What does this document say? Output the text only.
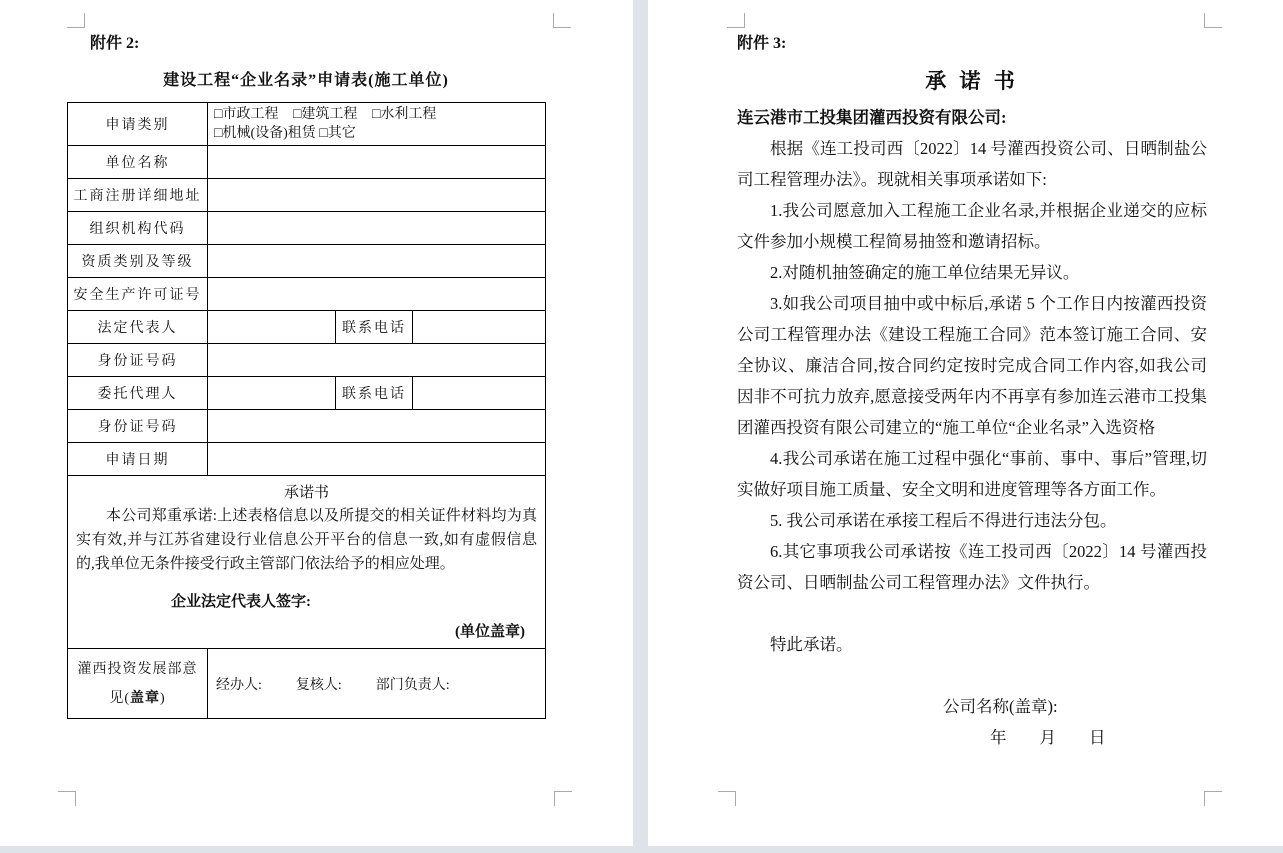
附件 2:
建设工程“企业名录”申请表(施工单位)
申请类别	□市政工程 □建筑工程 □水利工程
□机械(设备)租赁 □其它		

单位名称			
工商注册详细地址			
组织机构代码			
资质类别及等级			
安全生产许可证号			
法定代表人		联系电话	
身份证号码			
委托代理人		联系电话	
身份证号码			
申请日期			

承诺书
本公司郑重承诺:上述表格信息以及所提交的相关证件材料均为真实有效,并与江苏省建设行业信息公开平台的信息一致,如有虚假信息的,我单位无条件接受行政主管部门依法给予的相应处理。
企业法定代表人签字:
(单位盖章)			

灌西投资发展部意
见(盖章)

经办人: 复核人: 部门负责人:
附件 3:
承 诺 书
连云港市工投集团灌西投资有限公司:

根据《连工投司西〔2022〕14 号灌西投资公司、日晒制盐公司工程管理办法》。现就相关事项承诺如下:

1.我公司愿意加入工程施工企业名录,并根据企业递交的应标文件参加小规模工程简易抽签和邀请招标。

2.对随机抽签确定的施工单位结果无异议。

3.如我公司项目抽中或中标后,承诺 5 个工作日内按灌西投资公司工程管理办法《建设工程施工合同》范本签订施工合同、安全协议、廉洁合同,按合同约定按时完成合同工作内容,如我公司因非不可抗力放弃,愿意接受两年内不再享有参加连云港市工投集团灌西投资有限公司建立的“施工单位“企业名录”入选资格

4.我公司承诺在施工过程中强化“事前、事中、事后”管理,切实做好项目施工质量、安全文明和进度管理等各方面工作。

5. 我公司承诺在承接工程后不得进行违法分包。

6.其它事项我公司承诺按《连工投司西〔2022〕14 号灌西投资公司、日晒制盐公司工程管理办法》文件执行。

特此承诺。

公司名称(盖章):
年　　月　　日
